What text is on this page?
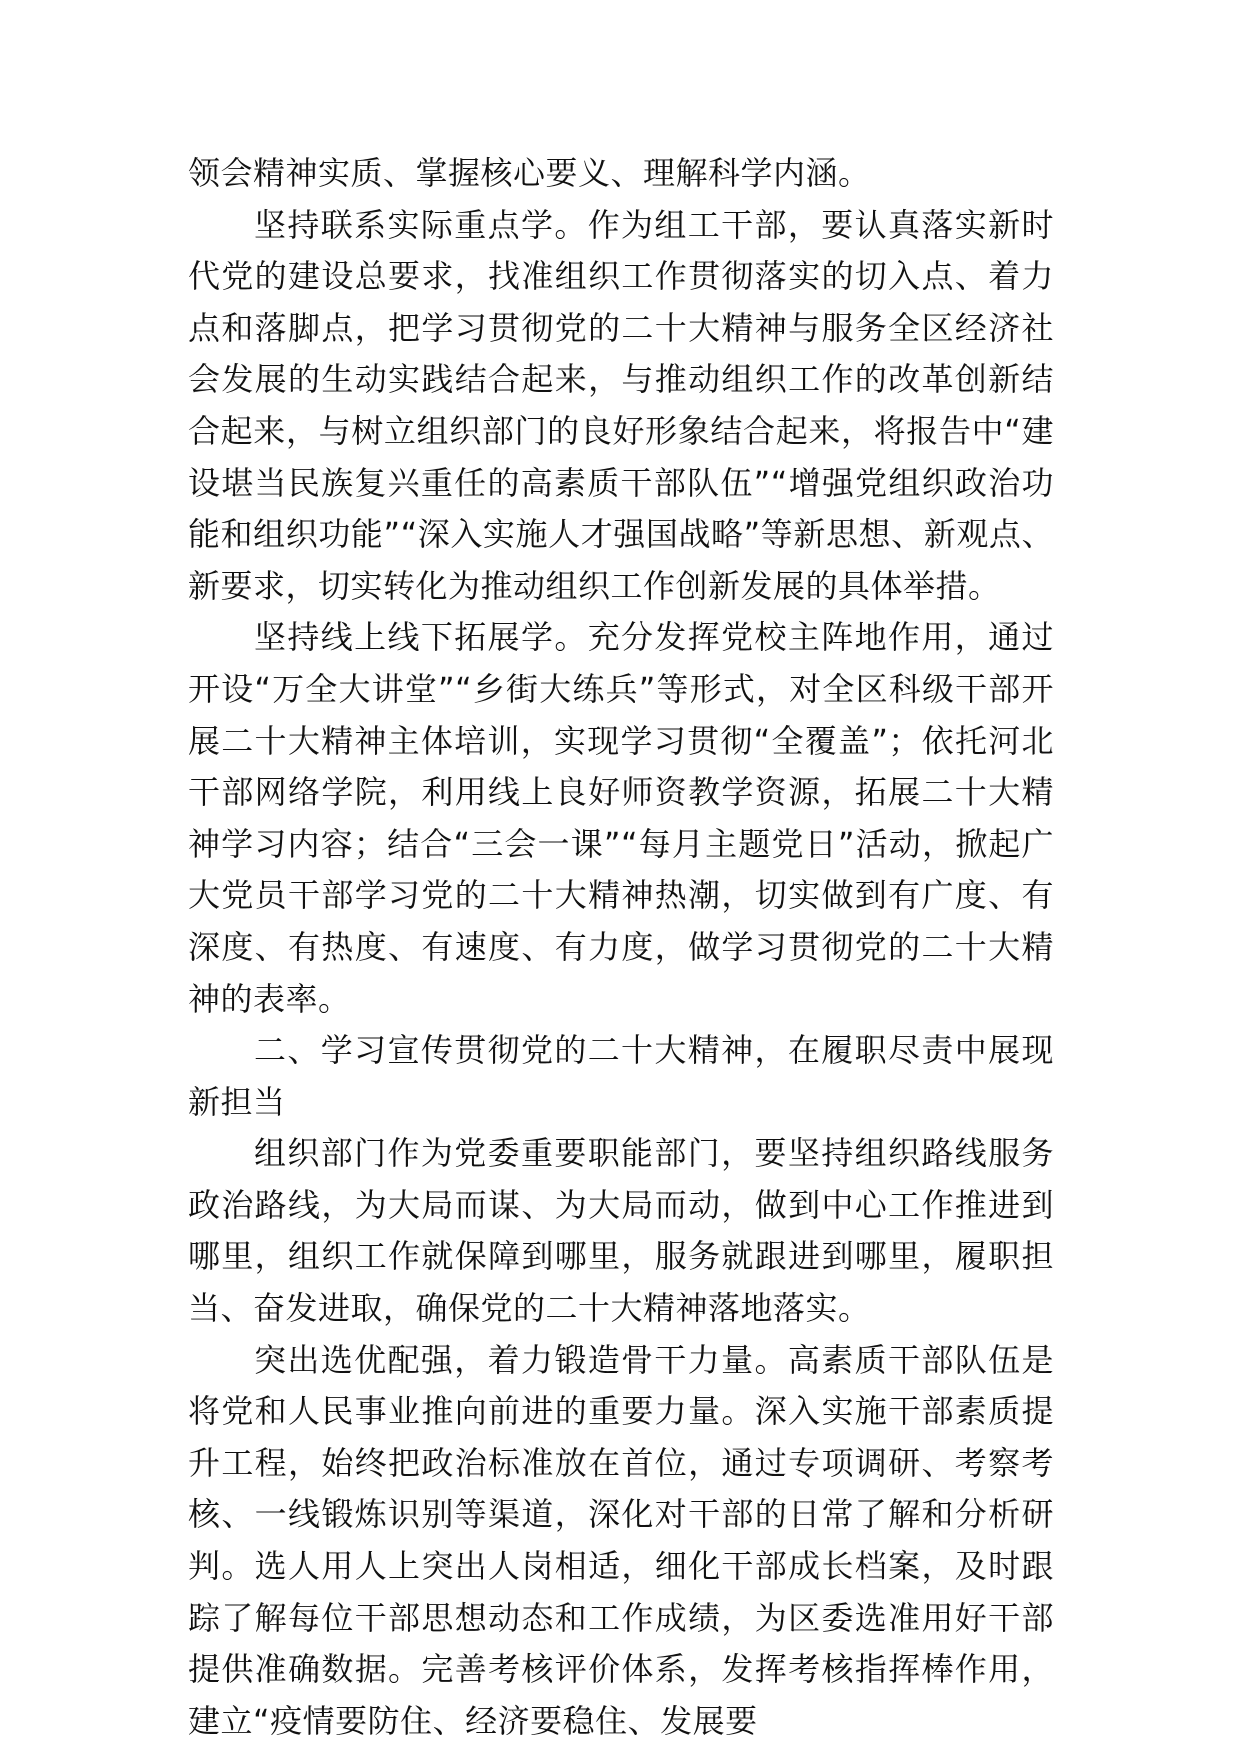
领会精神实质、掌握核心要义、理解科学内涵。

坚持联系实际重点学。作为组工干部，要认真落实新时代党的建设总要求，找准组织工作贯彻落实的切入点、着力点和落脚点，把学习贯彻党的二十大精神与服务全区经济社会发展的生动实践结合起来，与推动组织工作的改革创新结合起来，与树立组织部门的良好形象结合起来，将报告中“建设堪当民族复兴重任的高素质干部队伍”“增强党组织政治功能和组织功能”“深入实施人才强国战略”等新思想、新观点、新要求，切实转化为推动组织工作创新发展的具体举措。

坚持线上线下拓展学。充分发挥党校主阵地作用，通过开设“万全大讲堂”“乡街大练兵”等形式，对全区科级干部开展二十大精神主体培训，实现学习贯彻“全覆盖”；依托河北干部网络学院，利用线上良好师资教学资源，拓展二十大精神学习内容；结合“三会一课”“每月主题党日”活动，掀起广大党员干部学习党的二十大精神热潮，切实做到有广度、有深度、有热度、有速度、有力度，做学习贯彻党的二十大精神的表率。

二、学习宣传贯彻党的二十大精神，在履职尽责中展现新担当

组织部门作为党委重要职能部门，要坚持组织路线服务政治路线，为大局而谋、为大局而动，做到中心工作推进到哪里，组织工作就保障到哪里，服务就跟进到哪里，履职担当、奋发进取，确保党的二十大精神落地落实。

突出选优配强，着力锻造骨干力量。高素质干部队伍是将党和人民事业推向前进的重要力量。深入实施干部素质提升工程，始终把政治标准放在首位，通过专项调研、考察考核、一线锻炼识别等渠道，深化对干部的日常了解和分析研判。选人用人上突出人岗相适，细化干部成长档案，及时跟踪了解每位干部思想动态和工作成绩，为区委选准用好干部提供准确数据。完善考核评价体系，发挥考核指挥棒作用，建立“疫情要防住、经济要稳住、发展要
